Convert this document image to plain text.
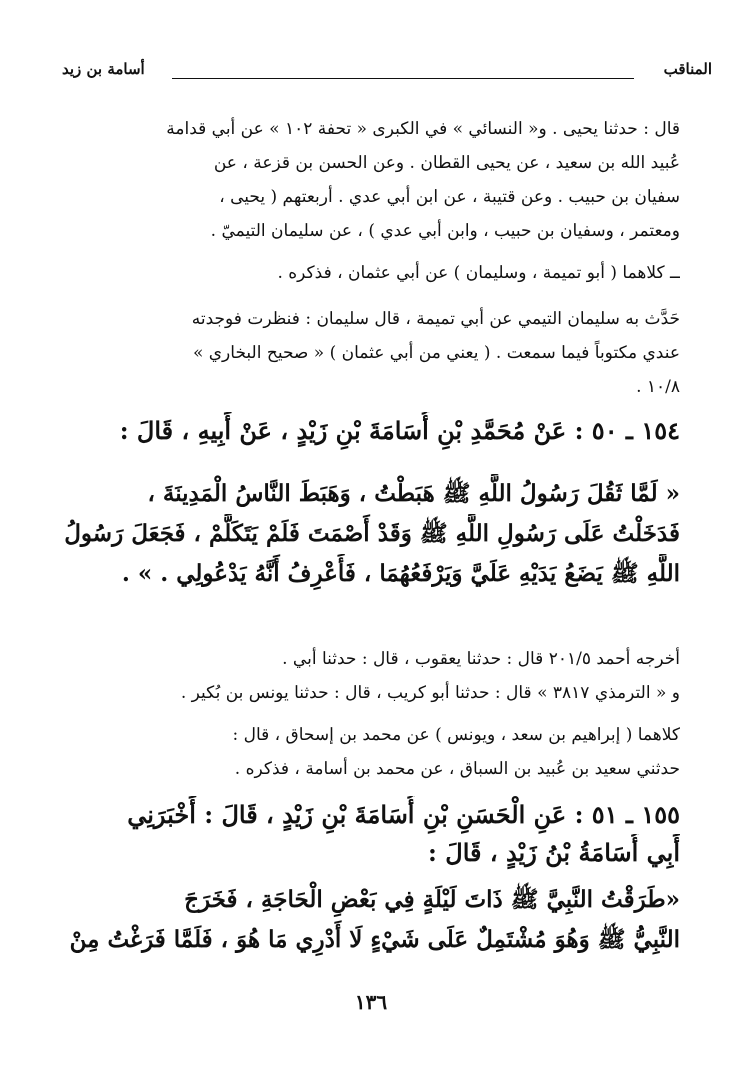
المناقب
أسامة بن زيد
قال : حدثنا يحيى . و« النسائي » في الكبرى « تحفة ١٠٢ » عن أبي قدامة
عُبيد الله بن سعيد ، عن يحيى القطان . وعن الحسن بن قزعة ، عن
سفيان بن حبيب . وعن قتيبة ، عن ابن أبي عدي . أربعتهم ( يحيى ،
ومعتمر ، وسفيان بن حبيب ، وابن أبي عدي ) ، عن سليمان التيميّ .
ــ كلاهما ( أبو تميمة ، وسليمان ) عن أبي عثمان ، فذكره .
حَدَّث به سليمان التيمي عن أبي تميمة ، قال سليمان : فنظرت فوجدته
عندي مكتوباً فيما سمعت . ( يعني من أبي عثمان ) « صحيح البخاري »
١٠/٨ .
١٥٤ ـ ٥٠ : عَنْ مُحَمَّدِ بْنِ أُسَامَةَ بْنِ زَيْدٍ ، عَنْ أَبِيهِ ، قَالَ :
« لَمَّا ثَقُلَ رَسُولُ اللَّهِ ﷺ هَبَطْتُ ، وَهَبَطَ النَّاسُ الْمَدِينَةَ ،
فَدَخَلْتُ عَلَى رَسُولِ اللَّهِ ﷺ وَقَدْ أَصْمَتَ فَلَمْ يَتَكَلَّمْ ، فَجَعَلَ رَسُولُ
اللَّهِ ﷺ يَضَعُ يَدَيْهِ عَلَيَّ وَيَرْفَعُهُمَا ، فَأَعْرِفُ أَنَّهُ يَدْعُولِي . » .
أخرجه أحمد ٢٠١/٥ قال : حدثنا يعقوب ، قال : حدثنا أبي .
و « الترمذي ٣٨١٧ » قال : حدثنا أبو كريب ، قال : حدثنا يونس بن بُكير .
كلاهما ( إبراهيم بن سعد ، ويونس ) عن محمد بن إسحاق ، قال :
حدثني سعيد بن عُبيد بن السباق ، عن محمد بن أسامة ، فذكره .
١٥٥ ـ ٥١ : عَنِ الْحَسَنِ بْنِ أُسَامَةَ بْنِ زَيْدٍ ، قَالَ : أَخْبَرَنِي
أَبِي أُسَامَةُ بْنُ زَيْدٍ ، قَالَ :
«طَرَقْتُ النَّبِيَّ ﷺ ذَاتَ لَيْلَةٍ فِي بَعْضِ الْحَاجَةِ ، فَخَرَجَ
النَّبِيُّ ﷺ وَهُوَ مُشْتَمِلٌ عَلَى شَيْءٍ لَا أَدْرِي مَا هُوَ ، فَلَمَّا فَرَغْتُ مِنْ
١٣٦
